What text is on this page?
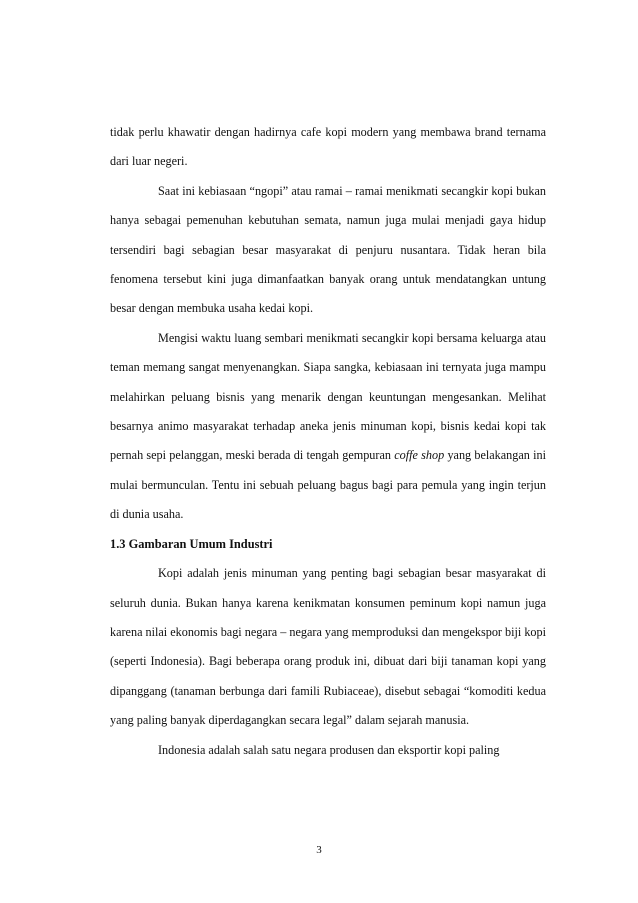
tidak perlu khawatir dengan hadirnya cafe kopi modern yang membawa brand ternama dari luar negeri.

Saat ini kebiasaan “ngopi” atau ramai – ramai menikmati secangkir kopi bukan hanya sebagai pemenuhan kebutuhan semata, namun juga mulai menjadi gaya hidup tersendiri bagi sebagian besar masyarakat di penjuru nusantara. Tidak heran bila fenomena tersebut kini juga dimanfaatkan banyak orang untuk mendatangkan untung besar dengan membuka usaha kedai kopi.

Mengisi waktu luang sembari menikmati secangkir kopi bersama keluarga atau teman memang sangat menyenangkan. Siapa sangka, kebiasaan ini ternyata juga mampu melahirkan peluang bisnis yang menarik dengan keuntungan mengesankan. Melihat besarnya animo masyarakat terhadap aneka jenis minuman kopi, bisnis kedai kopi tak pernah sepi pelanggan, meski berada di tengah gempuran coffe shop yang belakangan ini mulai bermunculan. Tentu ini sebuah peluang bagus bagi para pemula yang ingin terjun di dunia usaha.

1.3 Gambaran Umum Industri

Kopi adalah jenis minuman yang penting bagi sebagian besar masyarakat di seluruh dunia. Bukan hanya karena kenikmatan konsumen peminum kopi namun juga karena nilai ekonomis bagi negara – negara yang memproduksi dan mengekspor biji kopi (seperti Indonesia). Bagi beberapa orang produk ini, dibuat dari biji tanaman kopi yang dipanggang (tanaman berbunga dari famili Rubiaceae), disebut sebagai “komoditi kedua yang paling banyak diperdagangkan secara legal” dalam sejarah manusia.

Indonesia adalah salah satu negara produsen dan eksportir kopi paling

3
